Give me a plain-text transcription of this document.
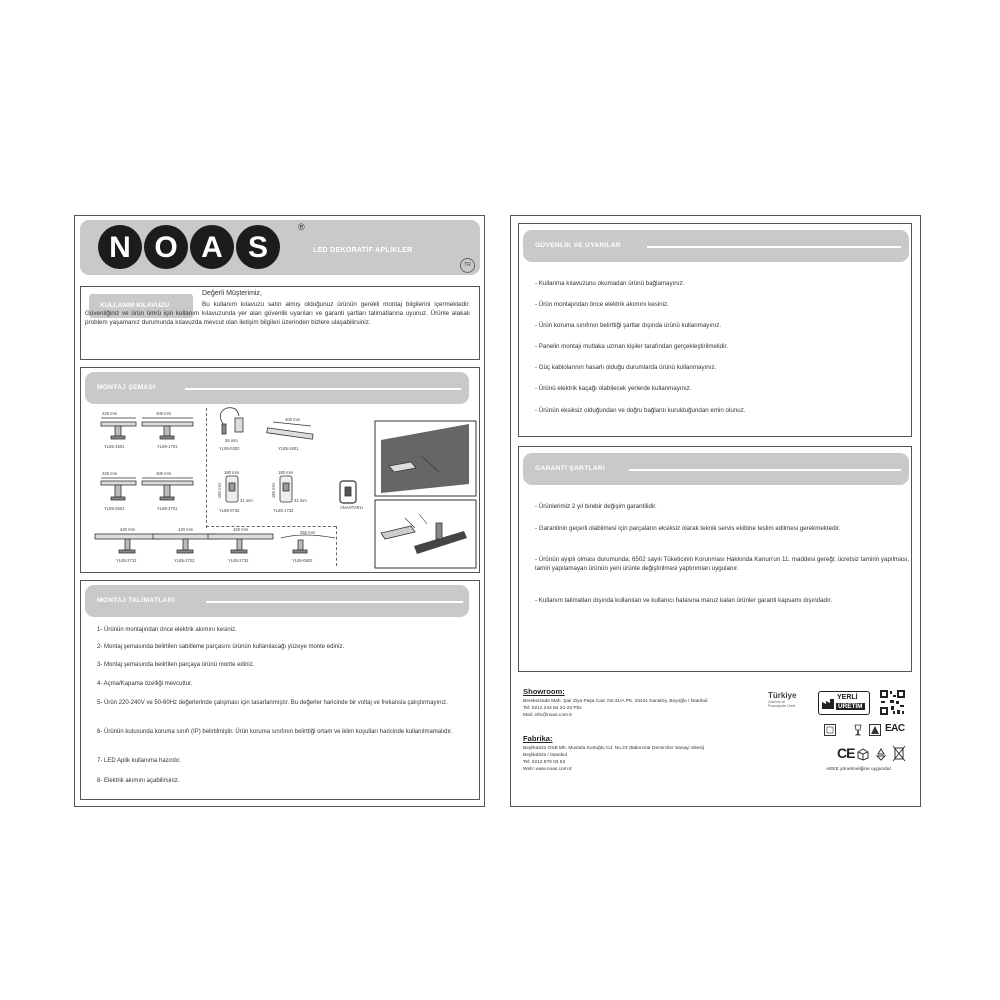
N O A S
®
LED DEKORATİF APLİKLER
TR
KULLANIM KILAVUZU
Değerli Müşterimiz,
Bu kullanım kılavuzu satın almış olduğunuz ürünün gerekli montaj bilgilerini içermektedir. Güvenliğiniz ve ürün ömrü için kullanım kılavuzunda yer alan güvenlik uyarıları ve garanti şartları talimatlarına uyunuz. Ürünle alakalı problem yaşamanız durumunda kılavuzda mevcut olan iletişim bilgileri üzerinden bizlere ulaşabilirsiniz.
MONTAJ ŞEMASI
225 mm	400 mm
26 mm
400 mm
YL85-1501	YL85-1701	YL85-0302	YL85-1801
225 mm	400 mm	180 mm	180 mm
180 mm	180 mm
31 mm	31 mm
ANAHTARLI
YL85-2501	YL85-2701	YL85-0732	YL85-1732
420 mm	420 mm	420 mm
350 mm
YL85-2712	YL85-2722	YL85-2732	YL85-0802
MONTAJ TALİMATLARI
1- Ürünün montajından önce elektrik akımını kesiniz.
2- Montaj şemasında belirtilen sabitleme parçasını ürünün kullanılacağı yüzeye monte ediniz.
3- Montaj şemasında belirtilen parçaya ürünü monte ediniz.
4- Açma/Kapama özelliği mevcuttur.
5- Ürün 220-240V ve 50-60Hz değerlerinde çalışması için tasarlanmıştır. Bu değerler haricinde bir voltaj ve frekansla çalıştırmayınız.
6- Ürünün kutusunda koruma sınıfı (IP) belirtilmiştir. Ürün koruma sınıfının belirttiği ortam ve iklim koşulları haricinde kullanılmamalıdır.
7- LED Aplik kullanıma hazırdır.
8- Elektrik akımını açabilirsiniz.
GÜVENLİK VE UYARILAR
- Kullanma kılavuzunu okumadan ürünü bağlamayınız.
- Ürün montajından önce elektrik akımını kesiniz.
- Ürün koruma sınıfının belirttiği şartlar dışında ürünü kullanmayınız.
- Panelin montajı mutlaka uzman kişiler tarafından gerçekleştirilmelidir.
- Güç kablolarının hasarlı olduğu durumlarda ürünü kullanmayınız.
- Ürünü elektrik kaçağı olabilecek yerlerde kullanmayınız.
- Ürünün eksiksiz olduğundan ve doğru bağlantı kurulduğundan emin olunuz.
GARANTİ ŞARTLARI
- Ürünlerimiz 2 yıl birebir değişim garantilidir.
- Garantinin geçerli olabilmesi için parçaların eksiksiz olarak teknik servis ekibine teslim edilmesi gerekmektedir.
- Ürünün ayıplı olması durumunda; 6502 sayılı Tüketicinin Korunması Hakkında Kanun'un 11. maddesi gereği; ücretsiz tamirin yapılması, tamiri yapılamayan ürünün yeni ürünle değiştirilmesi yaptırımları uygulanır.
- Kullanım talimatları dışında kullanılan ve kullanıcı hatasına maruz kalan ürünler garanti kapsamı dışındadır.
Showroom:
Bereketzade Mah. Şair Ziya Paşa Cad. No:31/A PK. 34421 Karaköy, Beyoğlu / İstanbul
Tel: 0212 244 84 22-23 Pbx
Mail: info@noas.com.tr
Fabrika:
Beylikdüzü OSB Mh. Mustafa Kurtoğlu Cd. No.23 (Bakırcılar Demirciler Sanayi Sitesi)
Beylikdüzü / İstanbul
Tel: 0212 879 03 53
Web: www.noas.com.tr
Türkiye
Güvenle ve Potansiyelle Üretir
YERLİ
ÜRETİM
EAC
CE
AEEE yönetmeliğine uygundur.
